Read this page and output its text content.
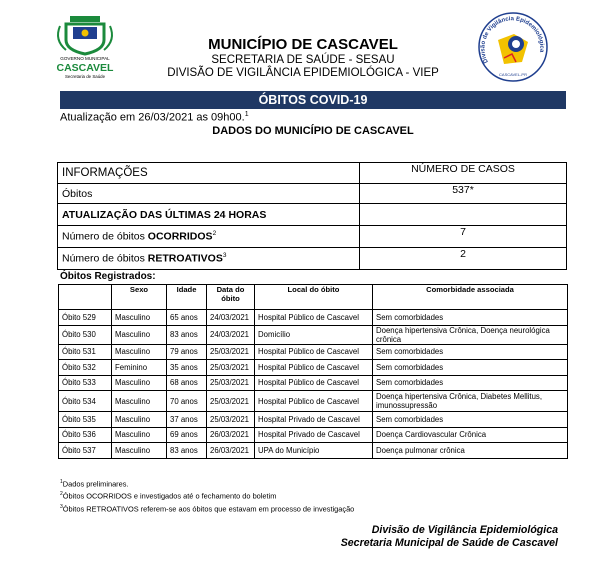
GOVERNO MUNICIPAL
CASCAVEL
Secretaria de Saúde
MUNICÍPIO DE CASCAVEL
SECRETARIA DE SAÚDE - SESAU
DIVISÃO DE VIGILÂNCIA EPIDEMIOLÓGICA - VIEP
Divisão de Vigilância Epidemiológica
CASCAVEL-PR
ÓBITOS COVID-19
Atualização em 26/03/2021 as 09h00.$^1$
DADOS DO MUNICÍPIO DE CASCAVEL
INFORMAÇÕES	NÚMERO DE CASOS
Óbitos	537*
ATUALIZAÇÃO DAS ÚLTIMAS 24 HORAS	
Número de óbitos OCORRIDOS$^2$	7
Número de óbitos RETROATIVOS$^3$	2
Óbitos Registrados:
	Sexo	Idade	Data do óbito	Local do óbito	Comorbidade associada
Óbito 529	Masculino	65 anos	24/03/2021	Hospital Público de Cascavel	Sem comorbidades
Óbito 530	Masculino	83 anos	24/03/2021	Domicílio	Doença hipertensiva Crônica, Doença neurológica crônica
Óbito 531	Masculino	79 anos	25/03/2021	Hospital Público de Cascavel	Sem comorbidades
Óbito 532	Feminino	35 anos	25/03/2021	Hospital Público de Cascavel	Sem comorbidades
Óbito 533	Masculino	68 anos	25/03/2021	Hospital Público de Cascavel	Sem comorbidades
Óbito 534	Masculino	70 anos	25/03/2021	Hospital Público de Cascavel	Doença hipertensiva Crônica, Diabetes Mellitus, imunossupressão
Óbito 535	Masculino	37 anos	25/03/2021	Hospital Privado de Cascavel	Sem comorbidades
Óbito 536	Masculino	69 anos	26/03/2021	Hospital Privado de Cascavel	Doença Cardiovascular Crônica
Óbito 537	Masculino	83 anos	26/03/2021	UPA do Município	Doença pulmonar crônica
$^1$Dados preliminares.
$^2$Óbitos OCORRIDOS e investigados até o fechamento do boletim
$^3$Óbitos RETROATIVOS referem-se aos óbitos que estavam em processo de investigação
Divisão de Vigilância Epidemiológica
Secretaria Municipal de Saúde de Cascavel
